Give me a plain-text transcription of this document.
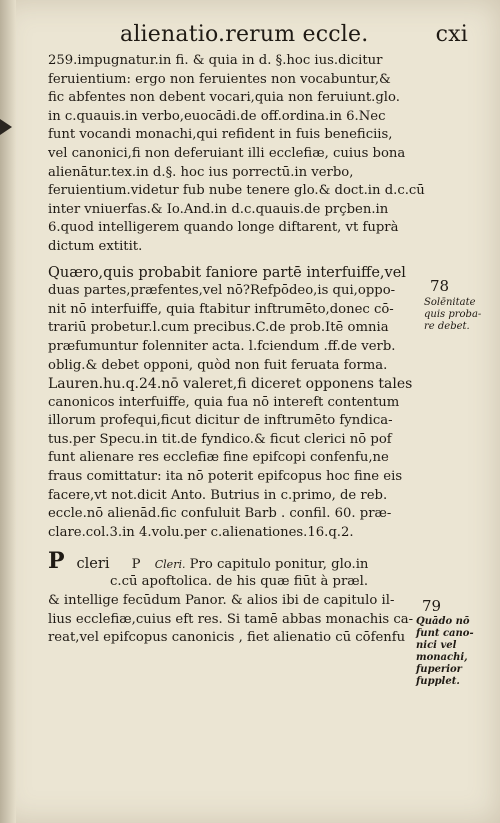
alienatio.rerum eccle.	cxi
259.impugnatur.in fi. & quia in d. §.hoc ius.dicitur
feruientium: ergo non feruientes non vocabuntur,&
fic abfentes non debent vocari,quia non feruiunt.glo.
in c.quauis.in verbo,euocādi.de off.ordina.in 6.Nec
funt vocandi monachi,qui refident in fuis beneficiis,
vel canonici,fi non deferuiant illi ecclefiæ, cuius bona
alienātur.tex.in d.§. hoc ius porrectū.in verbo, feruientium.videtur fub nube tenere glo.& doct.in d.c.cū
inter vniuerfas.& Io.And.in d.c.quauis.de prçben.in
6.quod intelligerem quando longe diftarent, vt fuprà
dictum extitit.
Quæro,quis probabit faniore partē interfuiffe,vel
duas partes,præfentes,vel nō?Refpōdeo,is qui,oppo-
nit nō interfuiffe, quia ftabitur inftrumēto,donec cō-
trariū probetur.l.cum precibus.C.de prob.Itē omnia
præfumuntur folenniter acta. l.fciendum .ff.de verb.
oblig.& debet opponi, quòd non fuit feruata forma.
Lauren.hu.q.24.nō valeret,fi diceret opponens tales
canonicos interfuiffe, quia fua nō intereft contentum
illorum profequi,ficut dicitur de inftrumēto fyndica-
tus.per Specu.in tit.de fyndico.& ficut clerici nō pof
funt alienare res ecclefiæ fine epifcopi confenfu,ne
fraus comittatur: ita nō poterit epifcopus hoc fine eis
facere,vt not.dicit Anto. Butrius in c.primo, de reb.
eccle.nō alienād.fic confuluit Barb . confil. 60. præ-
clare.col.3.in 4.volu.per c.alienationes.16.q.2.
Pcleri P Cleri. Pro capitulo ponitur, glo.in
c.cū apoftolica. de his quæ fiūt à præl.
& intellige fecūdum Panor. & alios ibi de capitulo il-
lius ecclefiæ,cuius eft res. Si tamē abbas monachis ca-
reat,vel epifcopus canonicis , fiet alienatio cū cōfenfu
78
Solēnitate
quis proba-
re debet.
79
Quādo nō
funt cano-
nici vel
monachi,
fuperior
fupplet.
